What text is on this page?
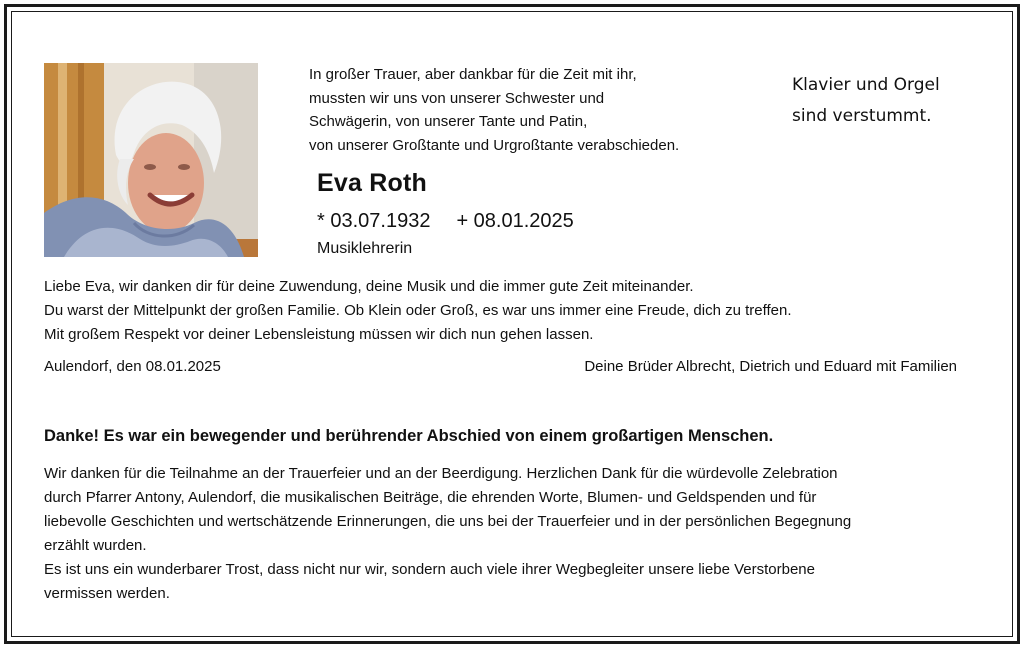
In großer Trauer, aber dankbar für die Zeit mit ihr,
mussten wir uns von unserer Schwester und
Schwägerin, von unserer Tante und Patin,
von unserer Großtante und Urgroßtante verabschieden.
Klavier und Orgel
sind verstummt.
Eva Roth
* 03.07.1932 + 08.01.2025
Musiklehrerin
Liebe Eva, wir danken dir für deine Zuwendung, deine Musik und die immer gute Zeit miteinander.
Du warst der Mittelpunkt der großen Familie. Ob Klein oder Groß, es war uns immer eine Freude, dich zu treffen.
Mit großem Respekt vor deiner Lebensleistung müssen wir dich nun gehen lassen.
Aulendorf, den 08.01.2025	Deine Brüder Albrecht, Dietrich und Eduard mit Familien
Danke! Es war ein bewegender und berührender Abschied von einem großartigen Menschen.
Wir danken für die Teilnahme an der Trauerfeier und an der Beerdigung. Herzlichen Dank für die würdevolle Zelebration
durch Pfarrer Antony, Aulendorf, die musikalischen Beiträge, die ehrenden Worte, Blumen- und Geldspenden und für
liebevolle Geschichten und wertschätzende Erinnerungen, die uns bei der Trauerfeier und in der persönlichen Begegnung
erzählt wurden.
Es ist uns ein wunderbarer Trost, dass nicht nur wir, sondern auch viele ihrer Wegbegleiter unsere liebe Verstorbene
vermissen werden.
